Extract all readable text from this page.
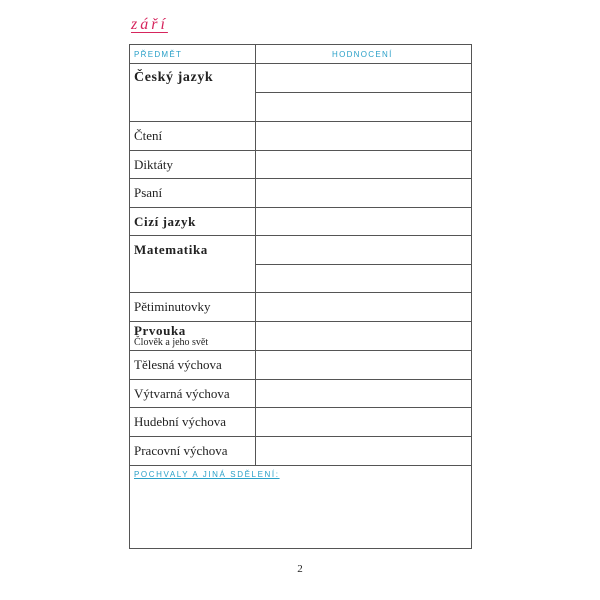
září
PŘEDMĚT	HODNOCENÍ
Český jazyk
Čtení
Diktáty
Psaní
Cizí jazyk
Matematika
Pětiminutovky
Prvouka
Člověk a jeho svět
Tělesná výchova
Výtvarná výchova
Hudební výchova
Pracovní výchova
POCHVALY A JINÁ SDĚLENÍ:
2
